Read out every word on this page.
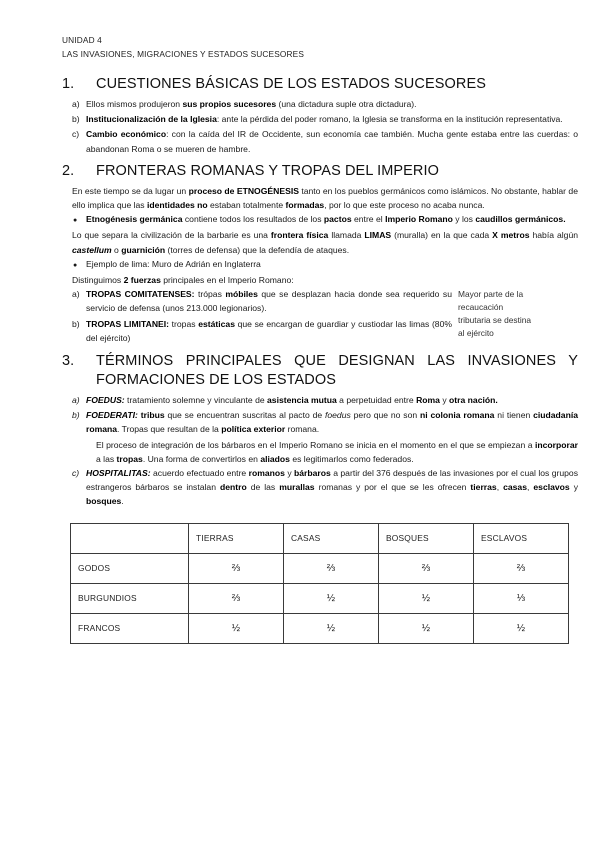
UNIDAD 4
LAS INVASIONES, MIGRACIONES Y ESTADOS SUCESORES
1.	CUESTIONES BÁSICAS DE LOS ESTADOS SUCESORES
a) Ellos mismos produjeron sus propios sucesores (una dictadura suple otra dictadura).
b) Institucionalización de la Iglesia: ante la pérdida del poder romano, la Iglesia se transforma en la institución representativa.
c) Cambio económico: con la caída del IR de Occidente, sun economía cae también. Mucha gente estaba entre las cuerdas: o abandonan Roma o se mueren de hambre.
2.	FRONTERAS ROMANAS Y TROPAS DEL IMPERIO

En este tiempo se da lugar un proceso de ETNOGÉNESIS tanto en los pueblos germánicos como islámicos. No obstante, hablar de ello implica que las identidades no estaban totalmente formadas, por lo que este proceso no acaba nunca.

●	Etnogénesis germánica contiene todos los resultados de los pactos entre el Imperio Romano y los caudillos germánicos.

Lo que separa la civilización de la barbarie es una frontera física llamada LIMAS (muralla) en la que cada X metros había algún castellum o guarnición (torres de defensa) que la defendía de ataques.

●	Ejemplo de lima: Muro de Adrián en Inglaterra

Distinguimos 2 fuerzas principales en el Imperio Romano:

a) TROPAS COMITATENSES: trópas móbiles que se desplazan hacia donde sea requerido su servicio de defensa (unos 213.000 legionarios).
b) TROPAS LIMITANEI: tropas estáticas que se encargan de guardiar y custiodar las limas (80% del ejército)
Mayor parte de la
recaucación
tributaria se destina
al ejército
3.	TÉRMINOS PRINCIPALES QUE DESIGNAN LAS INVASIONES Y
FORMACIONES DE LOS ESTADOS
a) FOEDUS: tratamiento solemne y vinculante de asistencia mutua a perpetuidad entre Roma y otra nación.
b) FOEDERATI: tribus que se encuentran suscritas al pacto de foedus pero que no son ni colonia romana ni tienen ciudadanía romana. Tropas que resultan de la política exterior romana.

El proceso de integración de los bárbaros en el Imperio Romano se inicia en el momento en el que se empiezan a incorporar a las tropas. Una forma de convertirlos en aliados es legitimarlos como federados.

c) HOSPITALITAS: acuerdo efectuado entre romanos y bárbaros a partir del 376 después de las invasiones por el cual los grupos estrangeros bárbaros se instalan dentro de las murallas romanas y por el que se les ofrecen tierras, casas, esclavos y bosques.
	TIERRAS	CASAS	BOSQUES	ESCLAVOS
GODOS	⅔	⅔	⅔	⅔
BURGUNDIOS	⅔	½	½	⅓
FRANCOS	½	½	½	½
